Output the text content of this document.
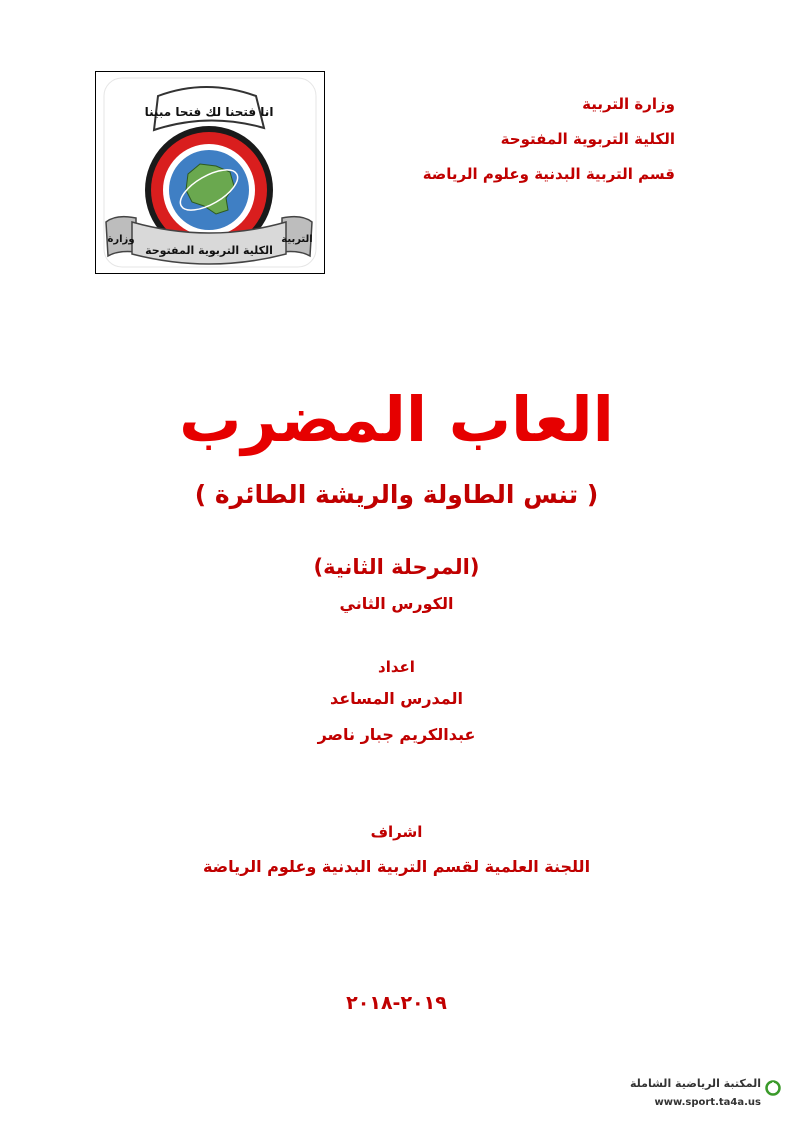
انا فتحنا لك فتحا مبينا
وزارة
الكلية التربوية المفتوحة
التربية
وزارة التربية
الكلية التربوية المفتوحة
قسم التربية البدنية وعلوم الرياضة
العاب المضرب
( تنس الطاولة والريشة الطائرة )
(المرحلة الثانية)
الكورس الثاني
اعداد
المدرس المساعد
عبدالكريم جبار ناصر
اشراف
اللجنة العلمية لقسم التربية البدنية وعلوم الرياضة
٢٠١٩-٢٠١٨
المكتبة الرياضية الشاملة
www.sport.ta4a.us
